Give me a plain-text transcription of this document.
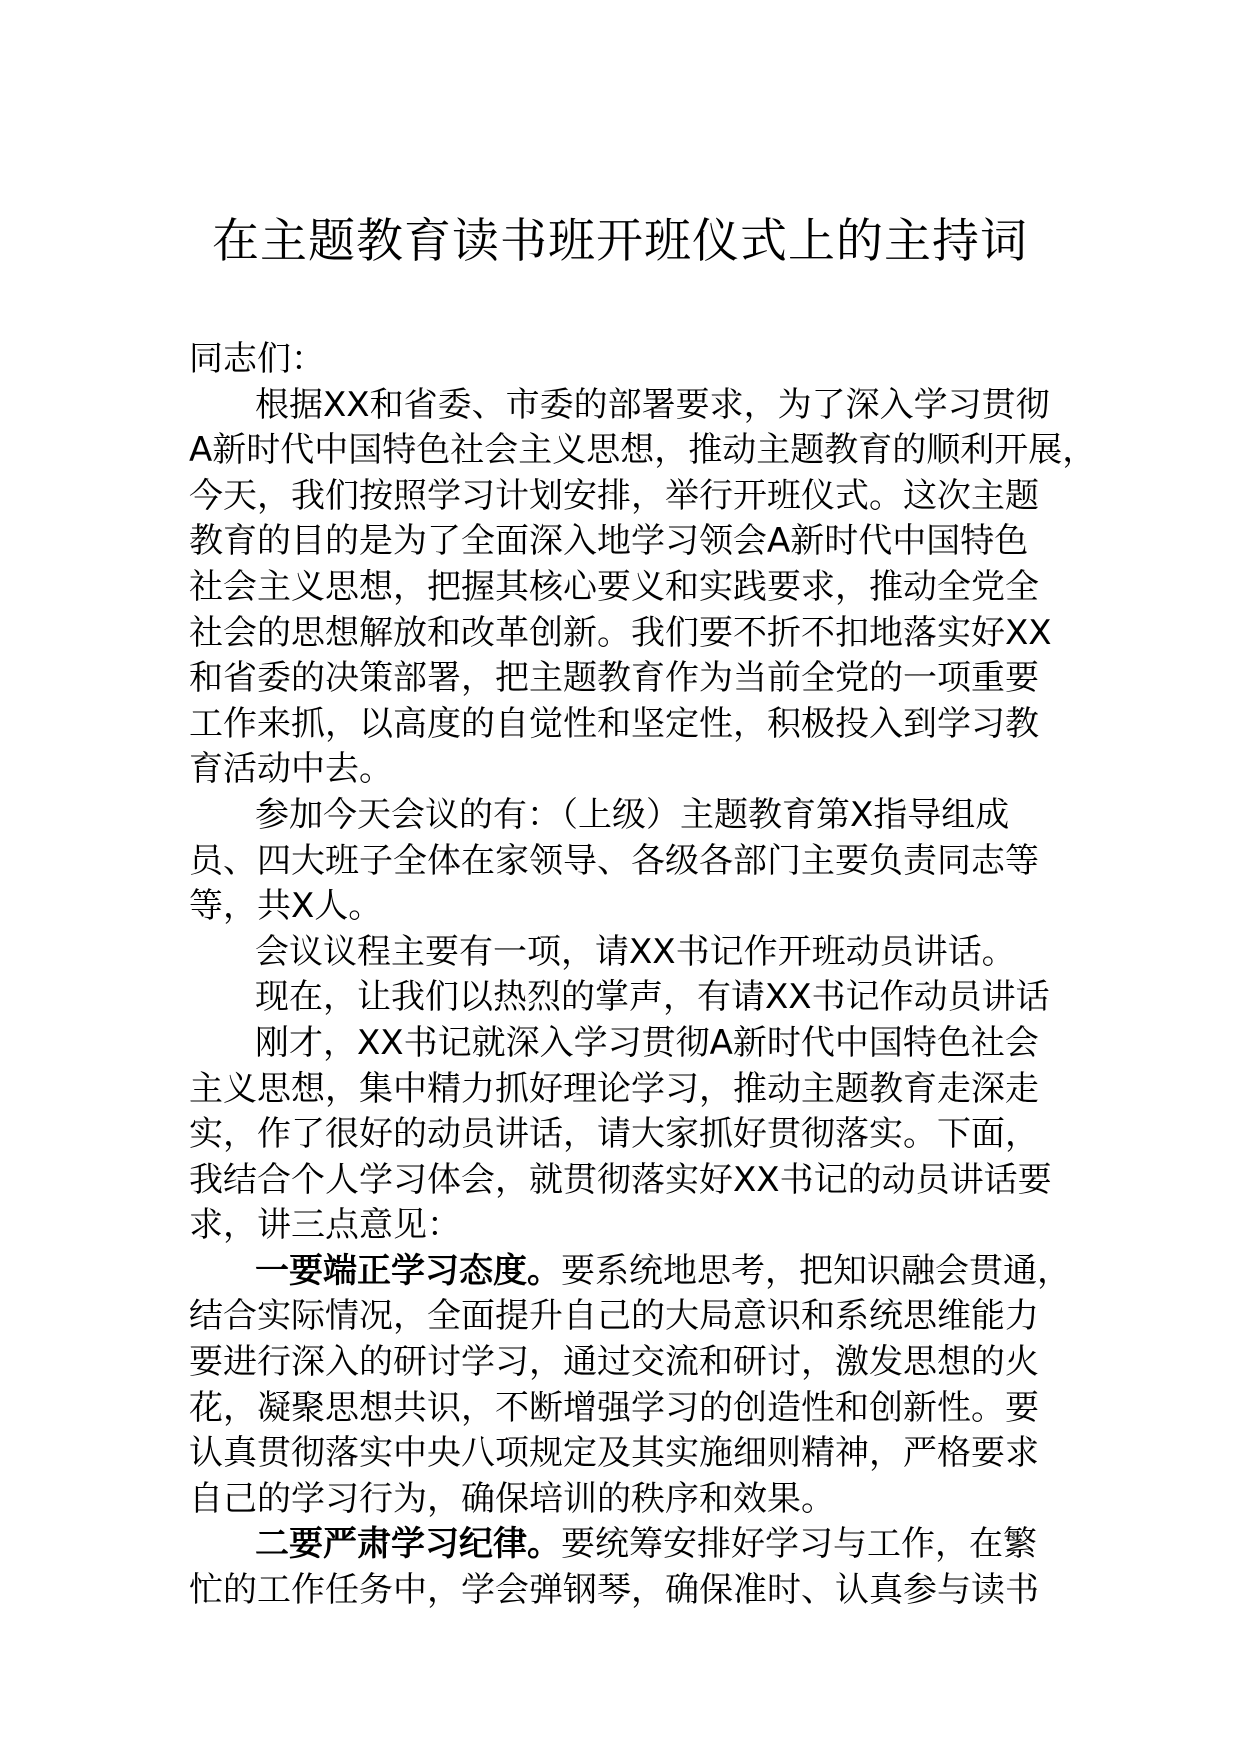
在主题教育读书班开班仪式上的主持词
同志们：
根据XX和省委、市委的部署要求，为了深入学习贯彻
A新时代中国特色社会主义思想，推动主题教育的顺利开展，
今天，我们按照学习计划安排，举行开班仪式。这次主题
教育的目的是为了全面深入地学习领会A新时代中国特色
社会主义思想，把握其核心要义和实践要求，推动全党全
社会的思想解放和改革创新。我们要不折不扣地落实好XX
和省委的决策部署，把主题教育作为当前全党的一项重要
工作来抓，以高度的自觉性和坚定性，积极投入到学习教
育活动中去。
参加今天会议的有：（上级）主题教育第X指导组成
员、四大班子全体在家领导、各级各部门主要负责同志等
等，共X人。
会议议程主要有一项，请XX书记作开班动员讲话。
现在，让我们以热烈的掌声，有请XX书记作动员讲话
刚才，XX书记就深入学习贯彻A新时代中国特色社会
主义思想，集中精力抓好理论学习，推动主题教育走深走
实，作了很好的动员讲话，请大家抓好贯彻落实。下面，
我结合个人学习体会，就贯彻落实好XX书记的动员讲话要
求，讲三点意见：
一要端正学习态度。要系统地思考，把知识融会贯通，
结合实际情况，全面提升自己的大局意识和系统思维能力
要进行深入的研讨学习，通过交流和研讨，激发思想的火
花，凝聚思想共识，不断增强学习的创造性和创新性。要
认真贯彻落实中央八项规定及其实施细则精神，严格要求
自己的学习行为，确保培训的秩序和效果。
二要严肃学习纪律。要统筹安排好学习与工作，在繁
忙的工作任务中，学会弹钢琴，确保准时、认真参与读书
